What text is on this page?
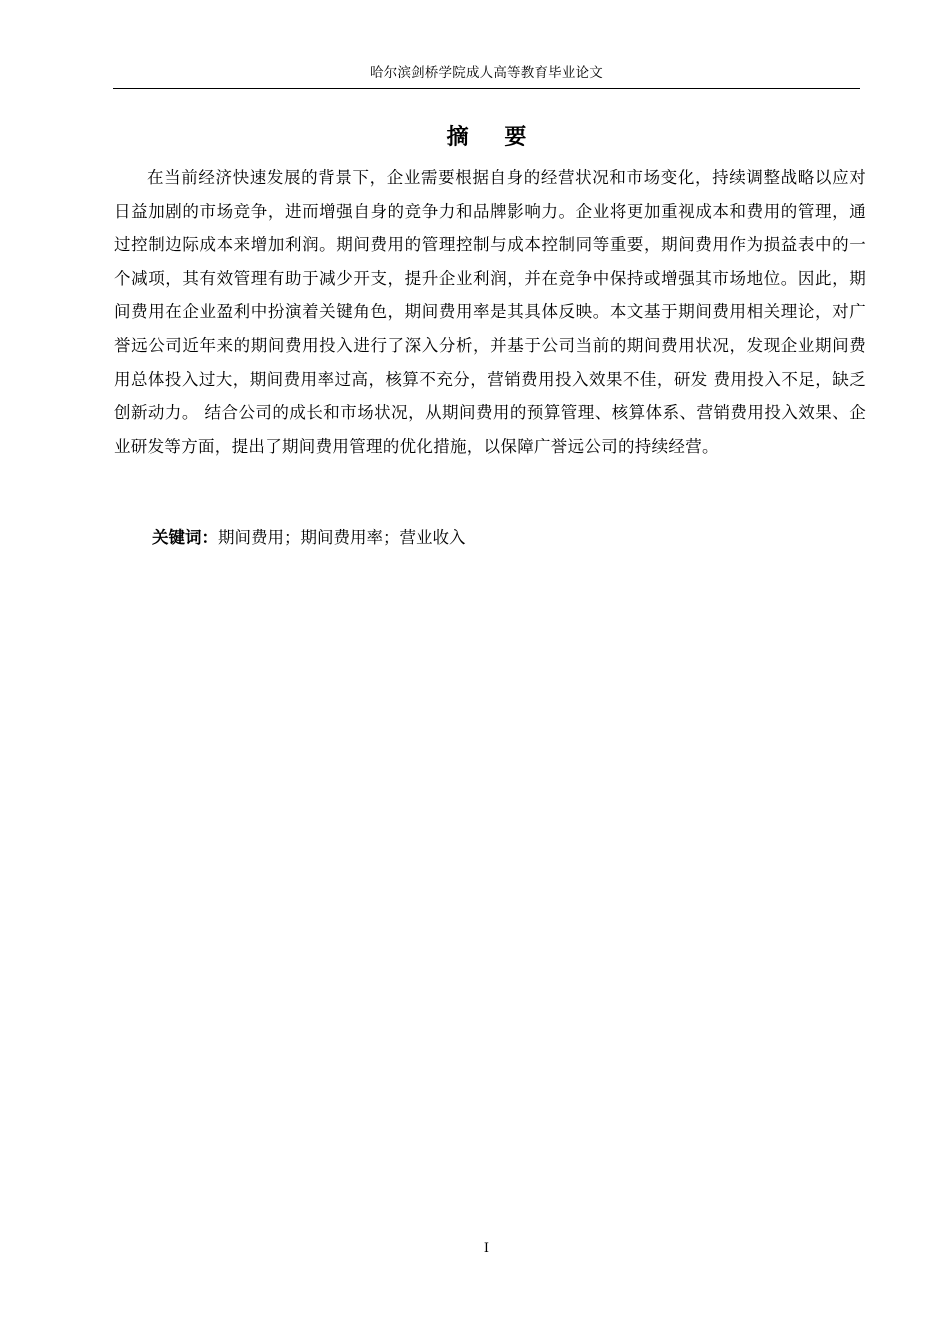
哈尔滨剑桥学院成人高等教育毕业论文
摘 要

在当前经济快速发展的背景下，企业需要根据自身的经营状况和市场变化，持续调整战略以应对日益加剧的市场竞争，进而增强自身的竞争力和品牌影响力。企业将更加重视成本和费用的管理，通过控制边际成本来增加利润。期间费用的管理控制与成本控制同等重要，期间费用作为损益表中的一个减项，其有效管理有助于减少开支，提升企业利润，并在竞争中保持或增强其市场地位。因此，期间费用在企业盈利中扮演着关键角色，期间费用率是其具体反映。本文基于期间费用相关理论，对广誉远公司近年来的期间费用投入进行了深入分析，并基于公司当前的期间费用状况，发现企业期间费用总体投入过大，期间费用率过高，核算不充分，营销费用投入效果不佳，研发 费用投入不足，缺乏创新动力。 结合公司的成长和市场状况，从期间费用的预算管理、核算体系、营销费用投入效果、企 业研发等方面，提出了期间费用管理的优化措施，以保障广誉远公司的持续经营。

关键词：期间费用；期间费用率；营业收入

I
